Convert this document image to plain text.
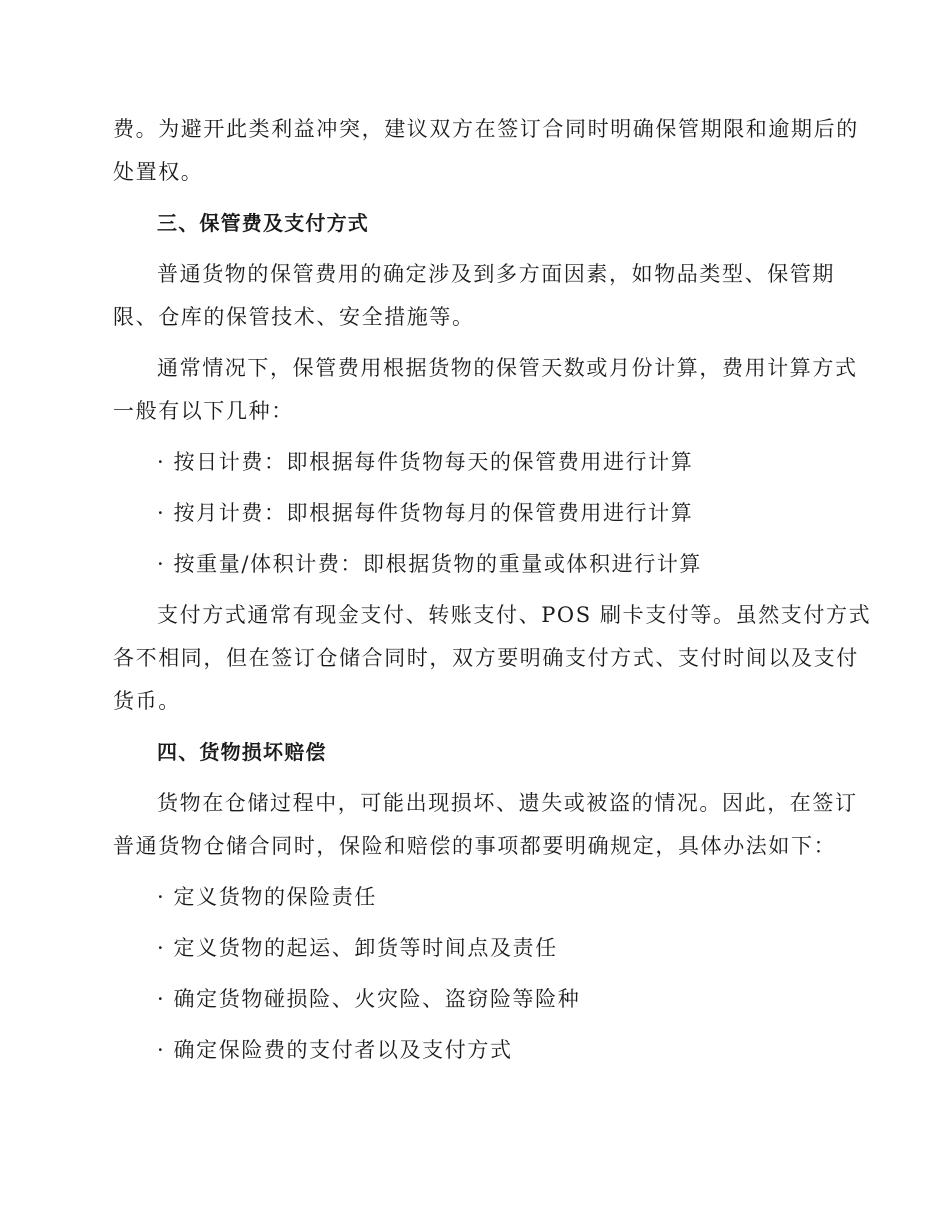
费。为避开此类利益冲突，建议双方在签订合同时明确保管期限和逾期后的

处置权。

三、保管费及支付方式

普通货物的保管费用的确定涉及到多方面因素，如物品类型、保管期

限、仓库的保管技术、安全措施等。

通常情况下，保管费用根据货物的保管天数或月份计算，费用计算方式

一般有以下几种：

· 按日计费：即根据每件货物每天的保管费用进行计算

· 按月计费：即根据每件货物每月的保管费用进行计算

· 按重量/体积计费：即根据货物的重量或体积进行计算

支付方式通常有现金支付、转账支付、POS 刷卡支付等。虽然支付方式

各不相同，但在签订仓储合同时，双方要明确支付方式、支付时间以及支付

货币。

四、货物损坏赔偿

货物在仓储过程中，可能出现损坏、遗失或被盗的情况。因此，在签订

普通货物仓储合同时，保险和赔偿的事项都要明确规定，具体办法如下：

· 定义货物的保险责任

· 定义货物的起运、卸货等时间点及责任

· 确定货物碰损险、火灾险、盗窃险等险种

· 确定保险费的支付者以及支付方式
